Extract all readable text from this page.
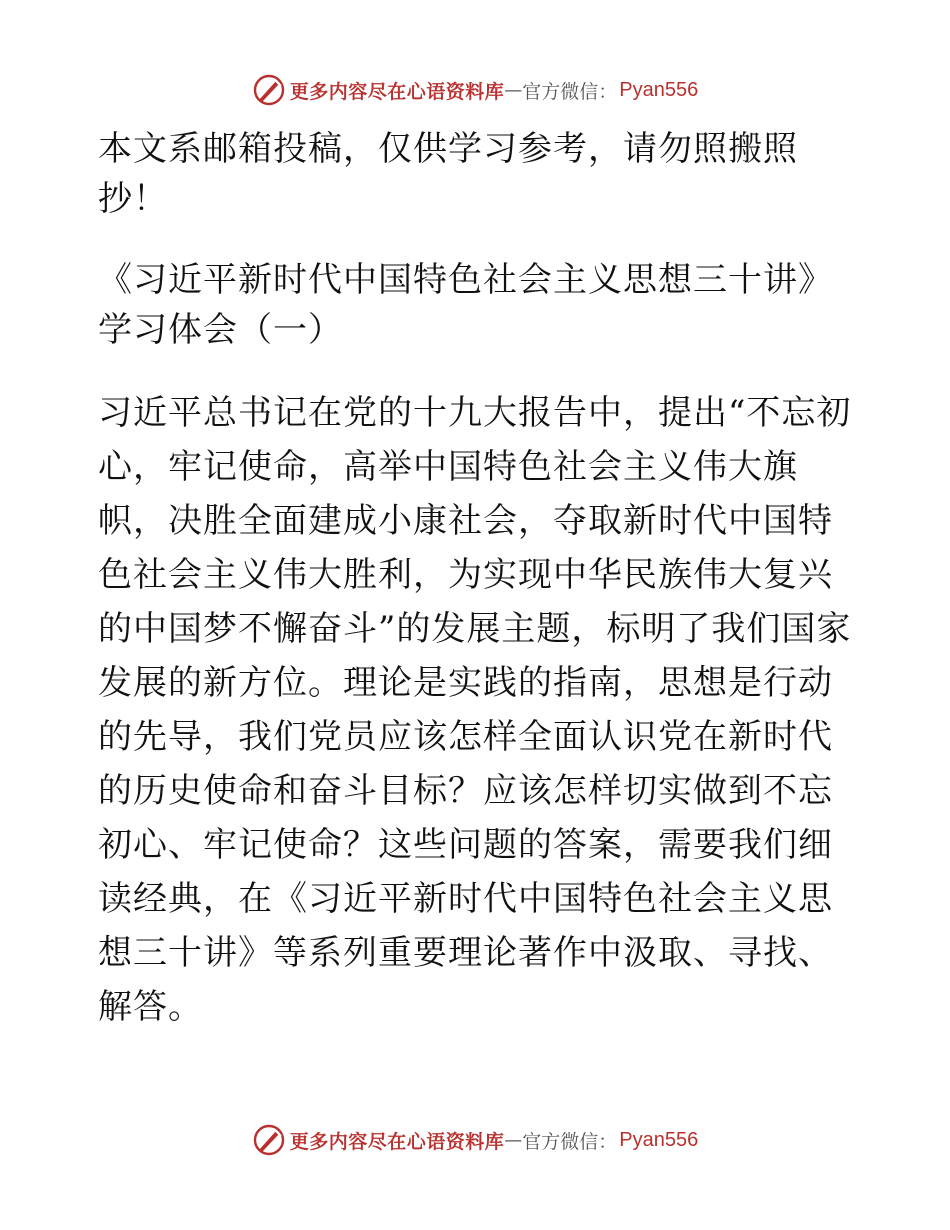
更多内容尽在心语资料库 — 官方微信： Pyan556

本文系邮箱投稿，仅供学习参考，请勿照搬照抄！

《习近平新时代中国特色社会主义思想三十讲》学习体会（一）

习近平总书记在党的十九大报告中，提出“不忘初心，牢记使命，高举中国特色社会主义伟大旗帜，决胜全面建成小康社会，夺取新时代中国特色社会主义伟大胜利，为实现中华民族伟大复兴的中国梦不懈奋斗”的发展主题，标明了我们国家发展的新方位。理论是实践的指南，思想是行动的先导，我们党员应该怎样全面认识党在新时代的历史使命和奋斗目标？应该怎样切实做到不忘初心、牢记使命？这些问题的答案，需要我们细读经典，在《习近平新时代中国特色社会主义思想三十讲》等系列重要理论著作中汲取、寻找、解答。

更多内容尽在心语资料库 — 官方微信： Pyan556
